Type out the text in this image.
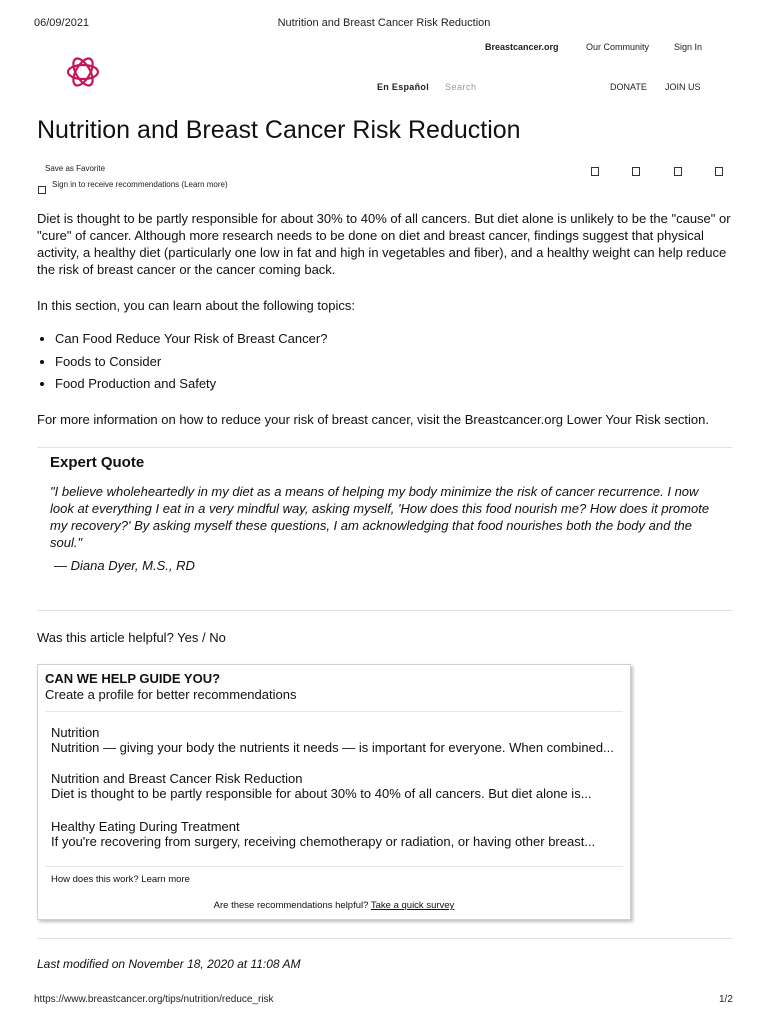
06/09/2021	Nutrition and Breast Cancer Risk Reduction
Breastcancer.org	Our Community	Sign In
En Español Search	DONATE JOIN US
Nutrition and Breast Cancer Risk Reduction
Save as Favorite
Sign in to receive recommendations (Learn more)
Diet is thought to be partly responsible for about 30% to 40% of all cancers. But diet alone is unlikely to be the "cause" or "cure" of cancer. Although more research needs to be done on diet and breast cancer, findings suggest that physical activity, a healthy diet (particularly one low in fat and high in vegetables and fiber), and a healthy weight can help reduce the risk of breast cancer or the cancer coming back.
In this section, you can learn about the following topics:
• Can Food Reduce Your Risk of Breast Cancer?
• Foods to Consider
• Food Production and Safety
For more information on how to reduce your risk of breast cancer, visit the Breastcancer.org Lower Your Risk section.
Expert Quote
"I believe wholeheartedly in my diet as a means of helping my body minimize the risk of cancer recurrence. I now look at everything I eat in a very mindful way, asking myself, 'How does this food nourish me? How does it promote my recovery?' By asking myself these questions, I am acknowledging that food nourishes both the body and the soul."
— Diana Dyer, M.S., RD
Was this article helpful? Yes / No
CAN WE HELP GUIDE YOU?
Create a profile for better recommendations
Nutrition
Nutrition — giving your body the nutrients it needs — is important for everyone. When combined...
Nutrition and Breast Cancer Risk Reduction
Diet is thought to be partly responsible for about 30% to 40% of all cancers. But diet alone is...
Healthy Eating During Treatment
If you're recovering from surgery, receiving chemotherapy or radiation, or having other breast...
How does this work? Learn more
Are these recommendations helpful? Take a quick survey
Last modified on November 18, 2020 at 11:08 AM
https://www.breastcancer.org/tips/nutrition/reduce_risk	1/2
